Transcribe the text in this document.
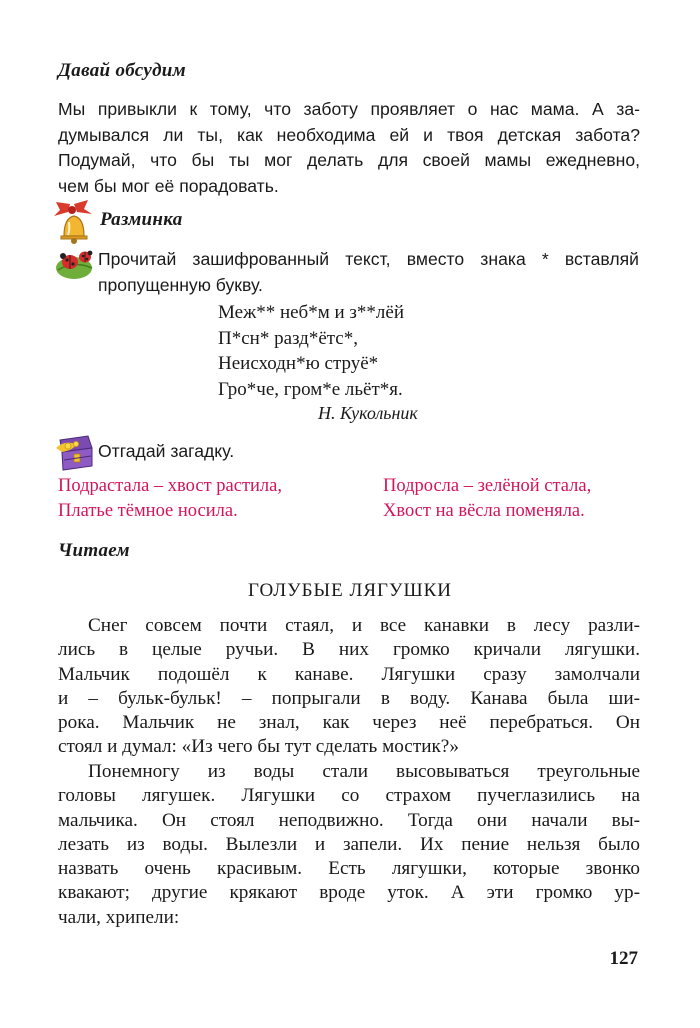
Давай обсудим
Мы привыкли к тому, что заботу проявляет о нас мама. А за-
думывался ли ты, как необходима ей и твоя детская забота?
Подумай, что бы ты мог делать для своей мамы ежедневно,
чем бы мог её порадовать.
Разминка
Прочитай зашифрованный текст, вместо знака * вставляй
пропущенную букву.
Меж** неб*м и з**лёй
П*сн* разд*ётс*,
Неисходн*ю струё*
Гро*че, гром*е льёт*я.
Н. Кукольник
Отгадай загадку.
Подрастала – хвост растила,
Платье тёмное носила.
Подросла – зелёной стала,
Хвост на вёсла поменяла.
Читаем
ГОЛУБЫЕ ЛЯГУШКИ
Снег совсем почти стаял, и все канавки в лесу разли-
лись в целые ручьи. В них громко кричали лягушки.
Мальчик подошёл к канаве. Лягушки сразу замолчали
и – бульк-бульк! – попрыгали в воду. Канава была ши-
рока. Мальчик не знал, как через неё перебраться. Он
стоял и думал: «Из чего бы тут сделать мостик?»
Понемногу из воды стали высовываться треугольные
головы лягушек. Лягушки со страхом пучеглазились на
мальчика. Он стоял неподвижно. Тогда они начали вы-
лезать из воды. Вылезли и запели. Их пение нельзя было
назвать очень красивым. Есть лягушки, которые звонко
квакают; другие крякают вроде уток. А эти громко ур-
чали, хрипели:
127
